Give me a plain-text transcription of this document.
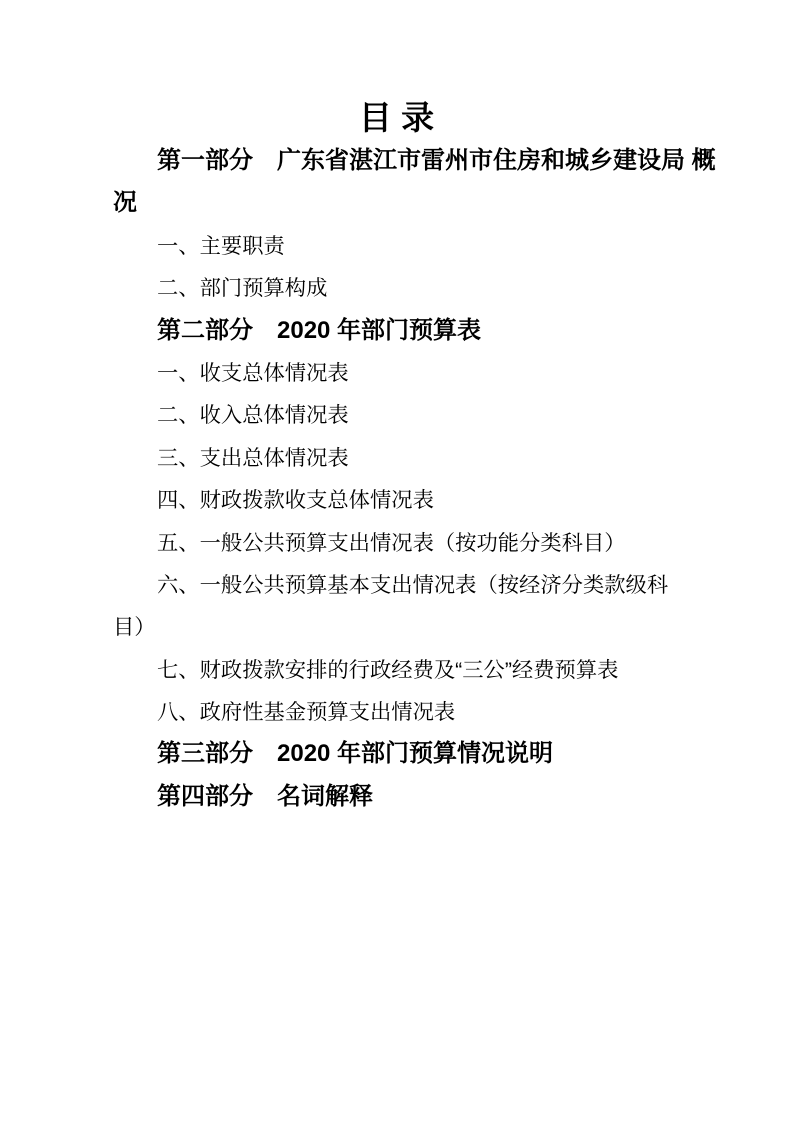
目 录
第一部分　广东省湛江市雷州市住房和城乡建设局 概
况
一、主要职责
二、部门预算构成
第二部分　2020 年部门预算表
一、收支总体情况表
二、收入总体情况表
三、支出总体情况表
四、财政拨款收支总体情况表
五、一般公共预算支出情况表（按功能分类科目）
六、一般公共预算基本支出情况表（按经济分类款级科
目）
七、财政拨款安排的行政经费及“三公”经费预算表
八、政府性基金预算支出情况表
第三部分　2020 年部门预算情况说明
第四部分　名词解释
